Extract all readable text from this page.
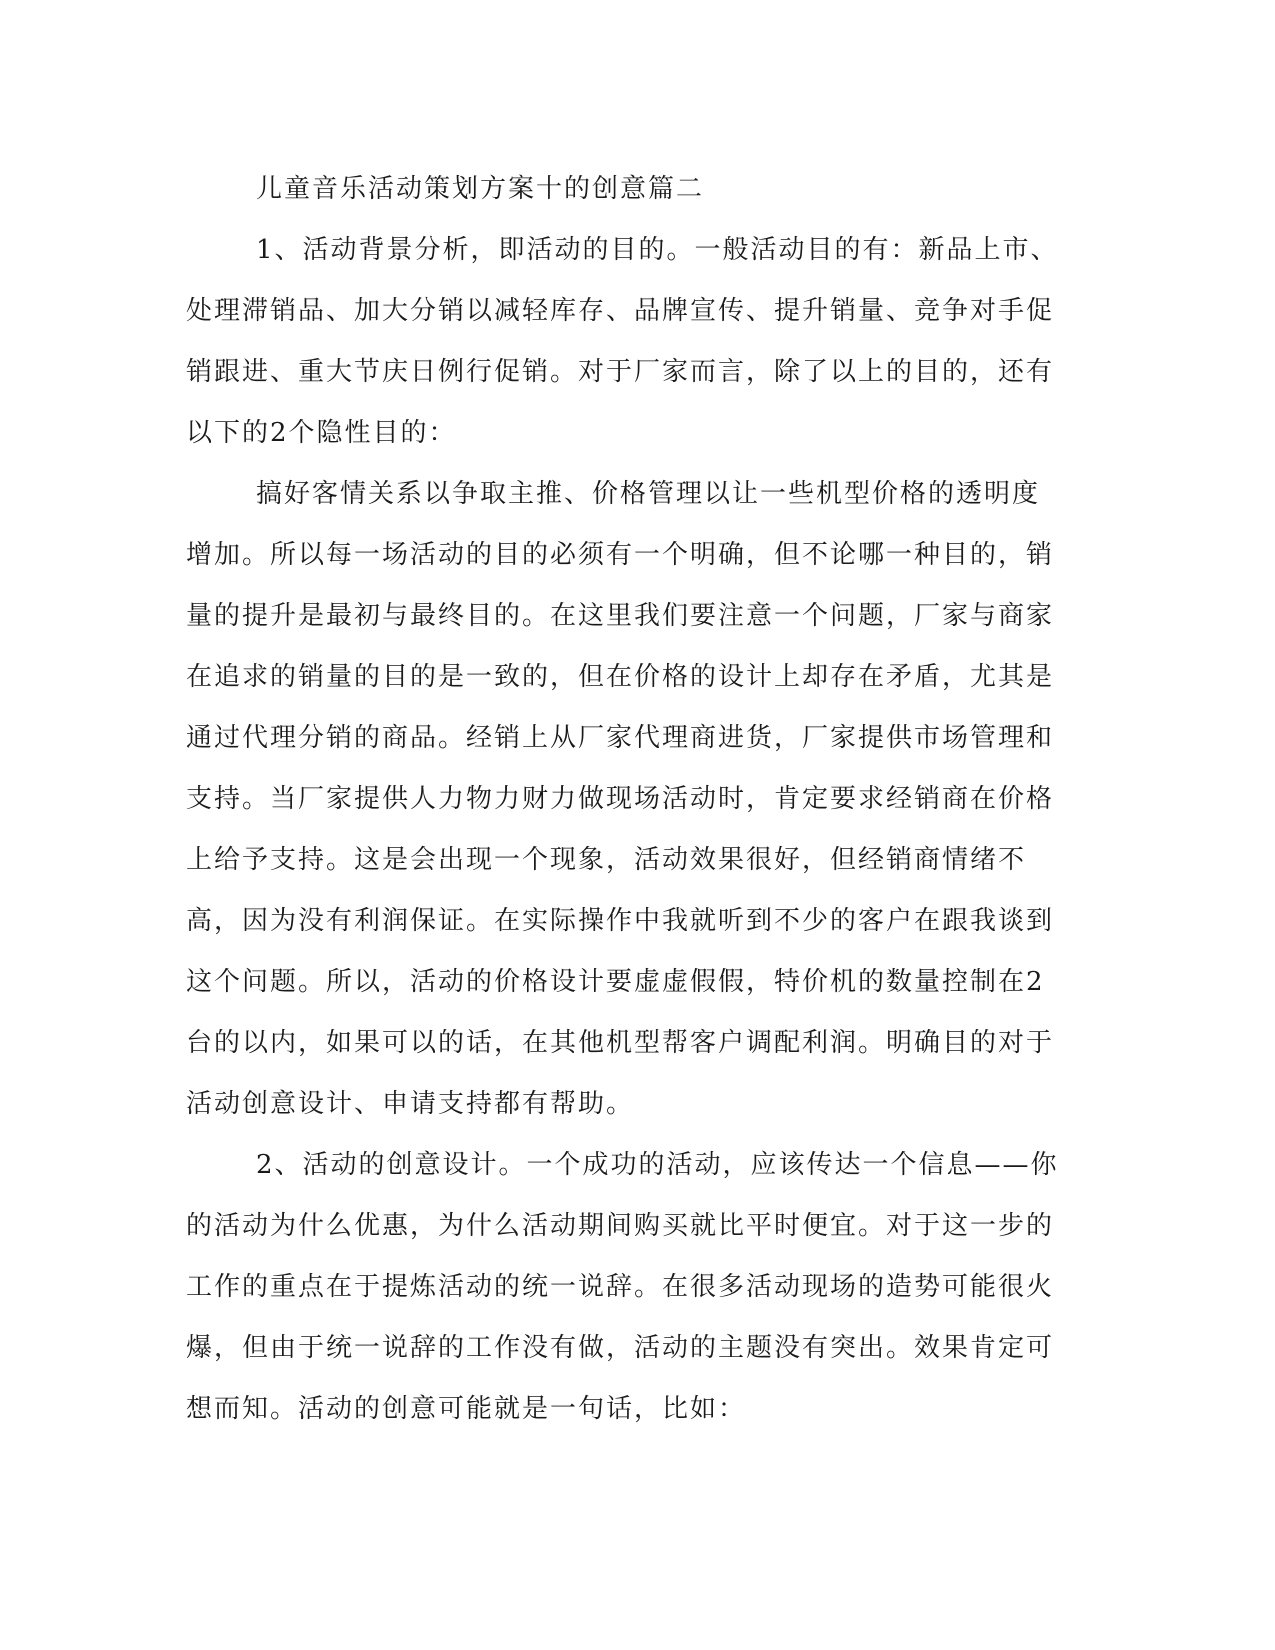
儿童音乐活动策划方案十的创意篇二

1、活动背景分析，即活动的目的。一般活动目的有：新品上市、处理滞销品、加大分销以减轻库存、品牌宣传、提升销量、竞争对手促销跟进、重大节庆日例行促销。对于厂家而言，除了以上的目的，还有以下的2个隐性目的：

搞好客情关系以争取主推、价格管理以让一些机型价格的透明度增加。所以每一场活动的目的必须有一个明确，但不论哪一种目的，销量的提升是最初与最终目的。在这里我们要注意一个问题，厂家与商家在追求的销量的目的是一致的，但在价格的设计上却存在矛盾，尤其是通过代理分销的商品。经销上从厂家代理商进货，厂家提供市场管理和支持。当厂家提供人力物力财力做现场活动时，肯定要求经销商在价格上给予支持。这是会出现一个现象，活动效果很好，但经销商情绪不高，因为没有利润保证。在实际操作中我就听到不少的客户在跟我谈到这个问题。所以，活动的价格设计要虚虚假假，特价机的数量控制在2台的以内，如果可以的话，在其他机型帮客户调配利润。明确目的对于活动创意设计、申请支持都有帮助。

2、活动的创意设计。一个成功的活动，应该传达一个信息——你的活动为什么优惠，为什么活动期间购买就比平时便宜。对于这一步的工作的重点在于提炼活动的统一说辞。在很多活动现场的造势可能很火爆，但由于统一说辞的工作没有做，活动的主题没有突出。效果肯定可想而知。活动的创意可能就是一句话，比如：
